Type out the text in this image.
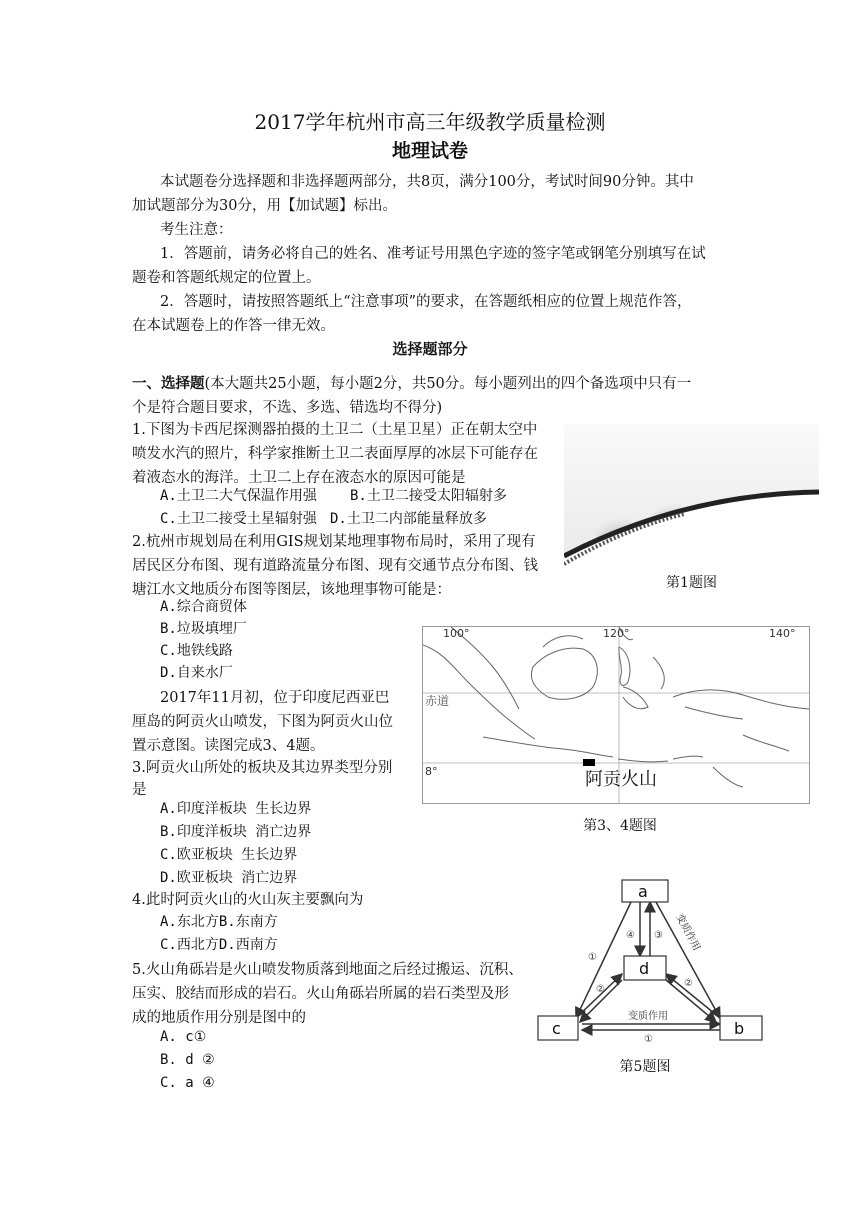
2017学年杭州市高三年级教学质量检测
地理试卷
本试题卷分选择题和非选择题两部分，共8页，满分100分，考试时间90分钟。其中
加试题部分为30分，用【加试题】标出。
考生注意：
1．答题前，请务必将自己的姓名、准考证号用黑色字迹的签字笔或钢笔分别填写在试
题卷和答题纸规定的位置上。
2．答题时，请按照答题纸上“注意事项”的要求，在答题纸相应的位置上规范作答，
在本试题卷上的作答一律无效。
选择题部分
一、选择题(本大题共25小题，每小题2分，共50分。每小题列出的四个备选项中只有一
个是符合题目要求，不选、多选、错选均不得分)
1.下图为卡西尼探测器拍摄的土卫二（土星卫星）正在朝太空中
喷发水汽的照片，科学家推断土卫二表面厚厚的冰层下可能存在
着液态水的海洋。土卫二上存在液态水的原因可能是
A.土卫二大气保温作用强 B.土卫二接受太阳辐射多
C.土卫二接受土星辐射强 D.土卫二内部能量释放多
第1题图
2.杭州市规划局在利用GIS规划某地理事物布局时，采用了现有
居民区分布图、现有道路流量分布图、现有交通节点分布图、钱
塘江水文地质分布图等图层，该地理事物可能是：
A.综合商贸体
B.垃圾填埋厂
C.地铁线路
D.自来水厂
2017年11月初，位于印度尼西亚巴
厘岛的阿贡火山喷发，下图为阿贡火山位
置示意图。读图完成3、4题。
100°	120°	140°
赤道
8°	阿贡火山
第3、4题图
3.阿贡火山所处的板块及其边界类型分别
是
A.印度洋板块 生长边界
B.印度洋板块 消亡边界
C.欧亚板块 生长边界
D.欧亚板块 消亡边界
4.此时阿贡火山的火山灰主要飘向为
A.东北方B.东南方
C.西北方D.西南方
5.火山角砾岩是火山喷发物质落到地面之后经过搬运、沉积、
压实、胶结而形成的岩石。火山角砾岩所属的岩石类型及形
成的地质作用分别是图中的
A. c①
B. d ②
C. a ④
a
d
c	b
④ ③
①
②
②
变质作用
变质作用
①
第5题图
